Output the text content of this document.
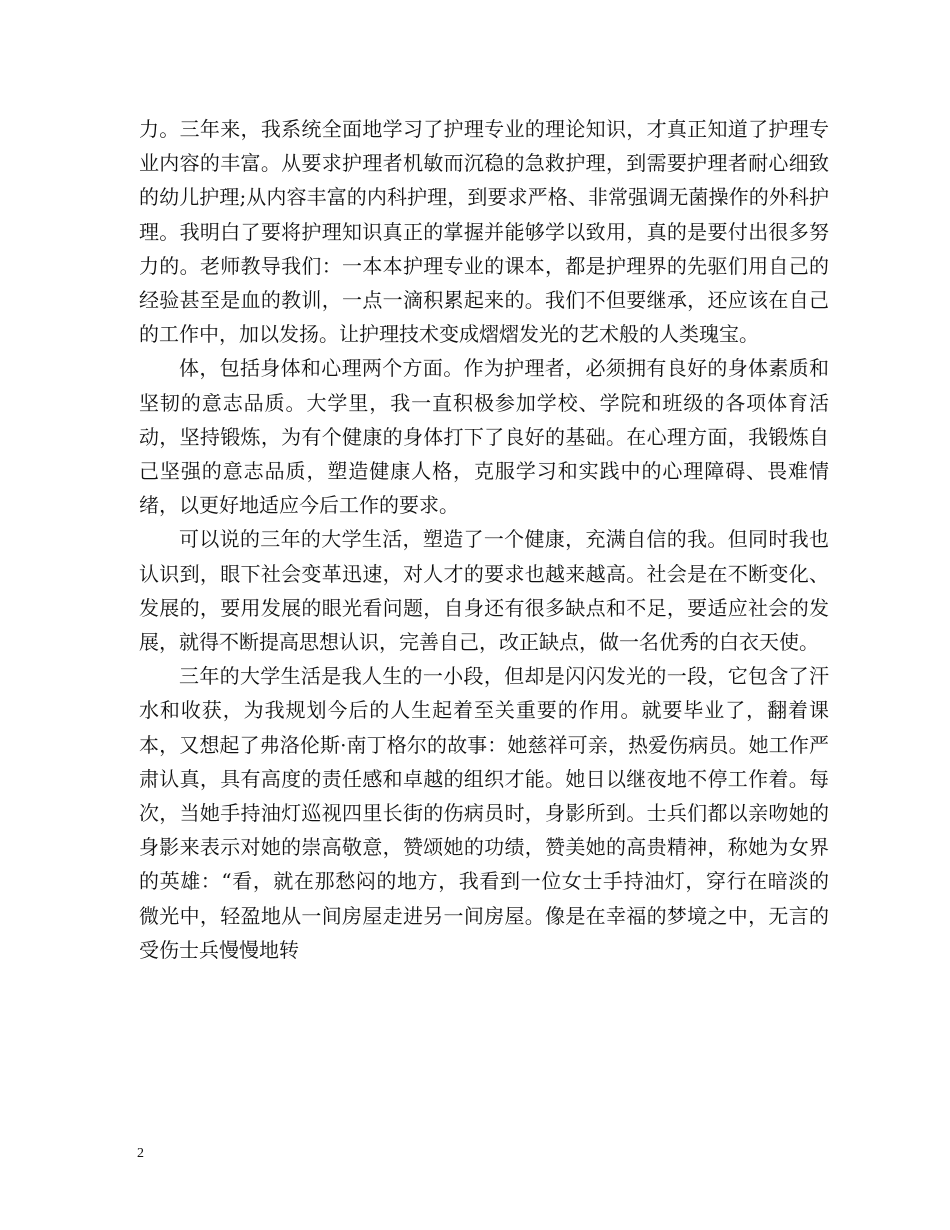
力。三年来，我系统全面地学习了护理专业的理论知识，才真正知道了护理专业内容的丰富。从要求护理者机敏而沉稳的急救护理，到需要护理者耐心细致的幼儿护理;从内容丰富的内科护理，到要求严格、非常强调无菌操作的外科护理。我明白了要将护理知识真正的掌握并能够学以致用，真的是要付出很多努力的。老师教导我们：一本本护理专业的课本，都是护理界的先驱们用自己的经验甚至是血的教训，一点一滴积累起来的。我们不但要继承，还应该在自己的工作中，加以发扬。让护理技术变成熠熠发光的艺术般的人类瑰宝。

体，包括身体和心理两个方面。作为护理者，必须拥有良好的身体素质和坚韧的意志品质。大学里，我一直积极参加学校、学院和班级的各项体育活动，坚持锻炼，为有个健康的身体打下了良好的基础。在心理方面，我锻炼自己坚强的意志品质，塑造健康人格，克服学习和实践中的心理障碍、畏难情绪，以更好地适应今后工作的要求。

可以说的三年的大学生活，塑造了一个健康，充满自信的我。但同时我也认识到，眼下社会变革迅速，对人才的要求也越来越高。社会是在不断变化、发展的，要用发展的眼光看问题，自身还有很多缺点和不足，要适应社会的发展，就得不断提高思想认识，完善自己，改正缺点，做一名优秀的白衣天使。

三年的大学生活是我人生的一小段，但却是闪闪发光的一段，它包含了汗水和收获，为我规划今后的人生起着至关重要的作用。就要毕业了，翻着课本，又想起了弗洛伦斯·南丁格尔的故事：她慈祥可亲，热爱伤病员。她工作严肃认真，具有高度的责任感和卓越的组织才能。她日以继夜地不停工作着。每次，当她手持油灯巡视四里长街的伤病员时，身影所到。士兵们都以亲吻她的身影来表示对她的崇高敬意，赞颂她的功绩，赞美她的高贵精神，称她为女界的英雄：“看，就在那愁闷的地方，我看到一位女士手持油灯，穿行在暗淡的微光中，轻盈地从一间房屋走进另一间房屋。像是在幸福的梦境之中，无言的受伤士兵慢慢地转

2
